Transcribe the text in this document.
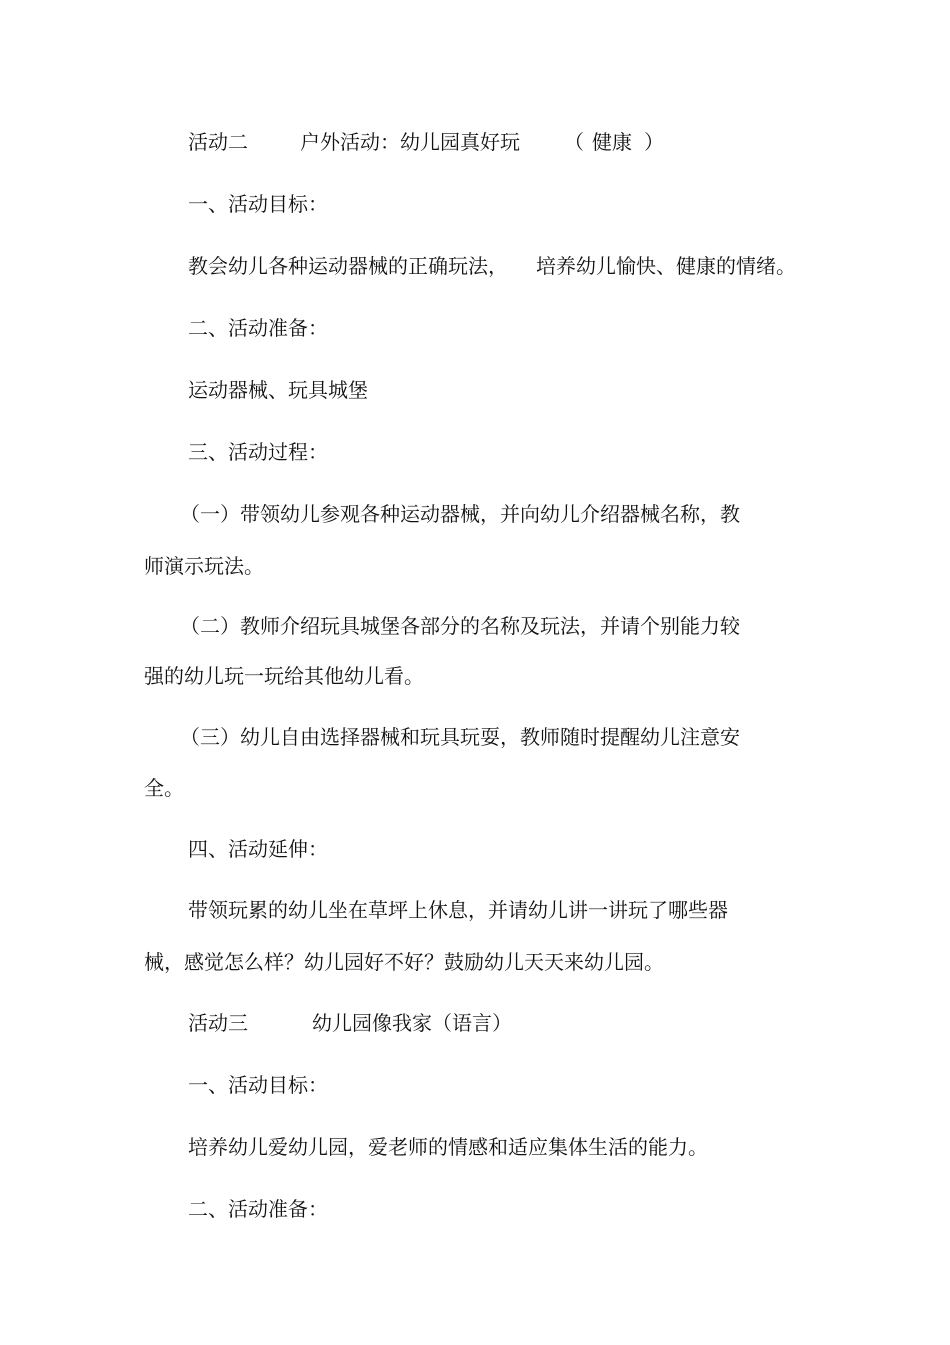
活动二	户外活动：幼儿园真好玩 （ 健康 ）
一、活动目标：
教会幼儿各种运动器械的正确玩法， 培养幼儿愉快、健康的情绪。
二、活动准备：
运动器械、玩具城堡
三、活动过程：
（一）带领幼儿参观各种运动器械，并向幼儿介绍器械名称，教
师演示玩法。
（二）教师介绍玩具城堡各部分的名称及玩法，并请个别能力较
强的幼儿玩一玩给其他幼儿看。
（三）幼儿自由选择器械和玩具玩耍，教师随时提醒幼儿注意安
全。
四、活动延伸：
带领玩累的幼儿坐在草坪上休息，并请幼儿讲一讲玩了哪些器
械，感觉怎么样？幼儿园好不好？鼓励幼儿天天来幼儿园。
活动三	幼儿园像我家（语言）
一、活动目标：
培养幼儿爱幼儿园，爱老师的情感和适应集体生活的能力。
二、活动准备：
